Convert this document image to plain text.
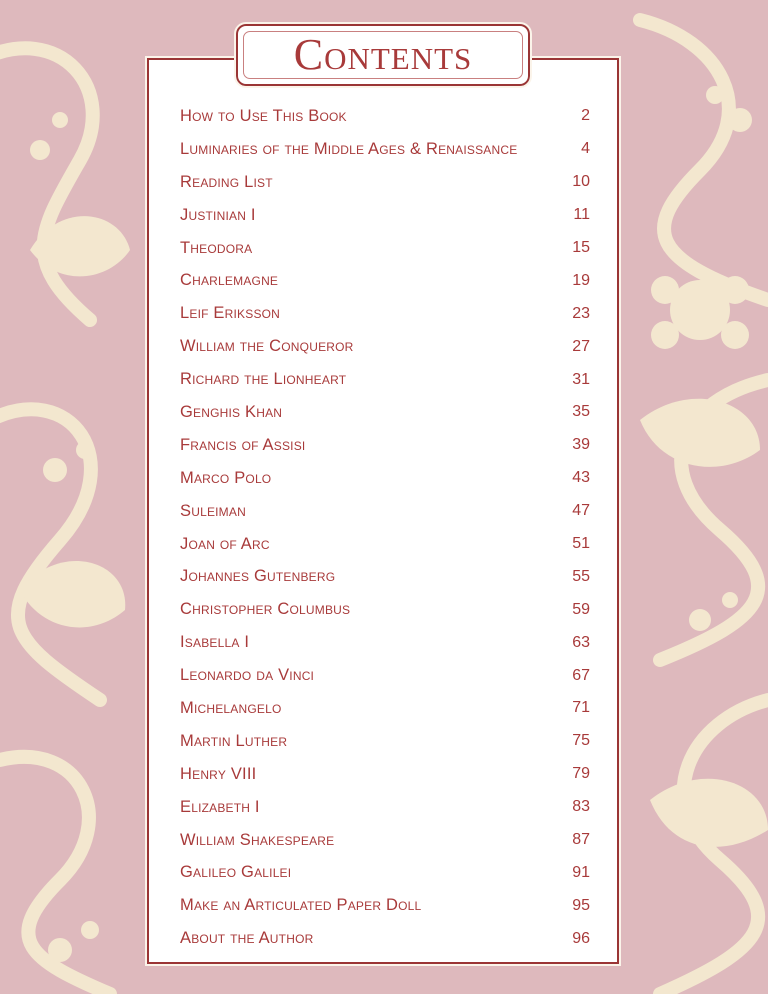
Contents
How to Use This Book	2
Luminaries of the Middle Ages & Renaissance	4
Reading List	10
Justinian I	11
Theodora	15
Charlemagne	19
Leif Eriksson	23
William the Conqueror	27
Richard the Lionheart	31
Genghis Khan	35
Francis of Assisi	39
Marco Polo	43
Suleiman	47
Joan of Arc	51
Johannes Gutenberg	55
Christopher Columbus	59
Isabella I	63
Leonardo da Vinci	67
Michelangelo	71
Martin Luther	75
Henry VIII	79
Elizabeth I	83
William Shakespeare	87
Galileo Galilei	91
Make an Articulated Paper Doll	95
About the Author	96
